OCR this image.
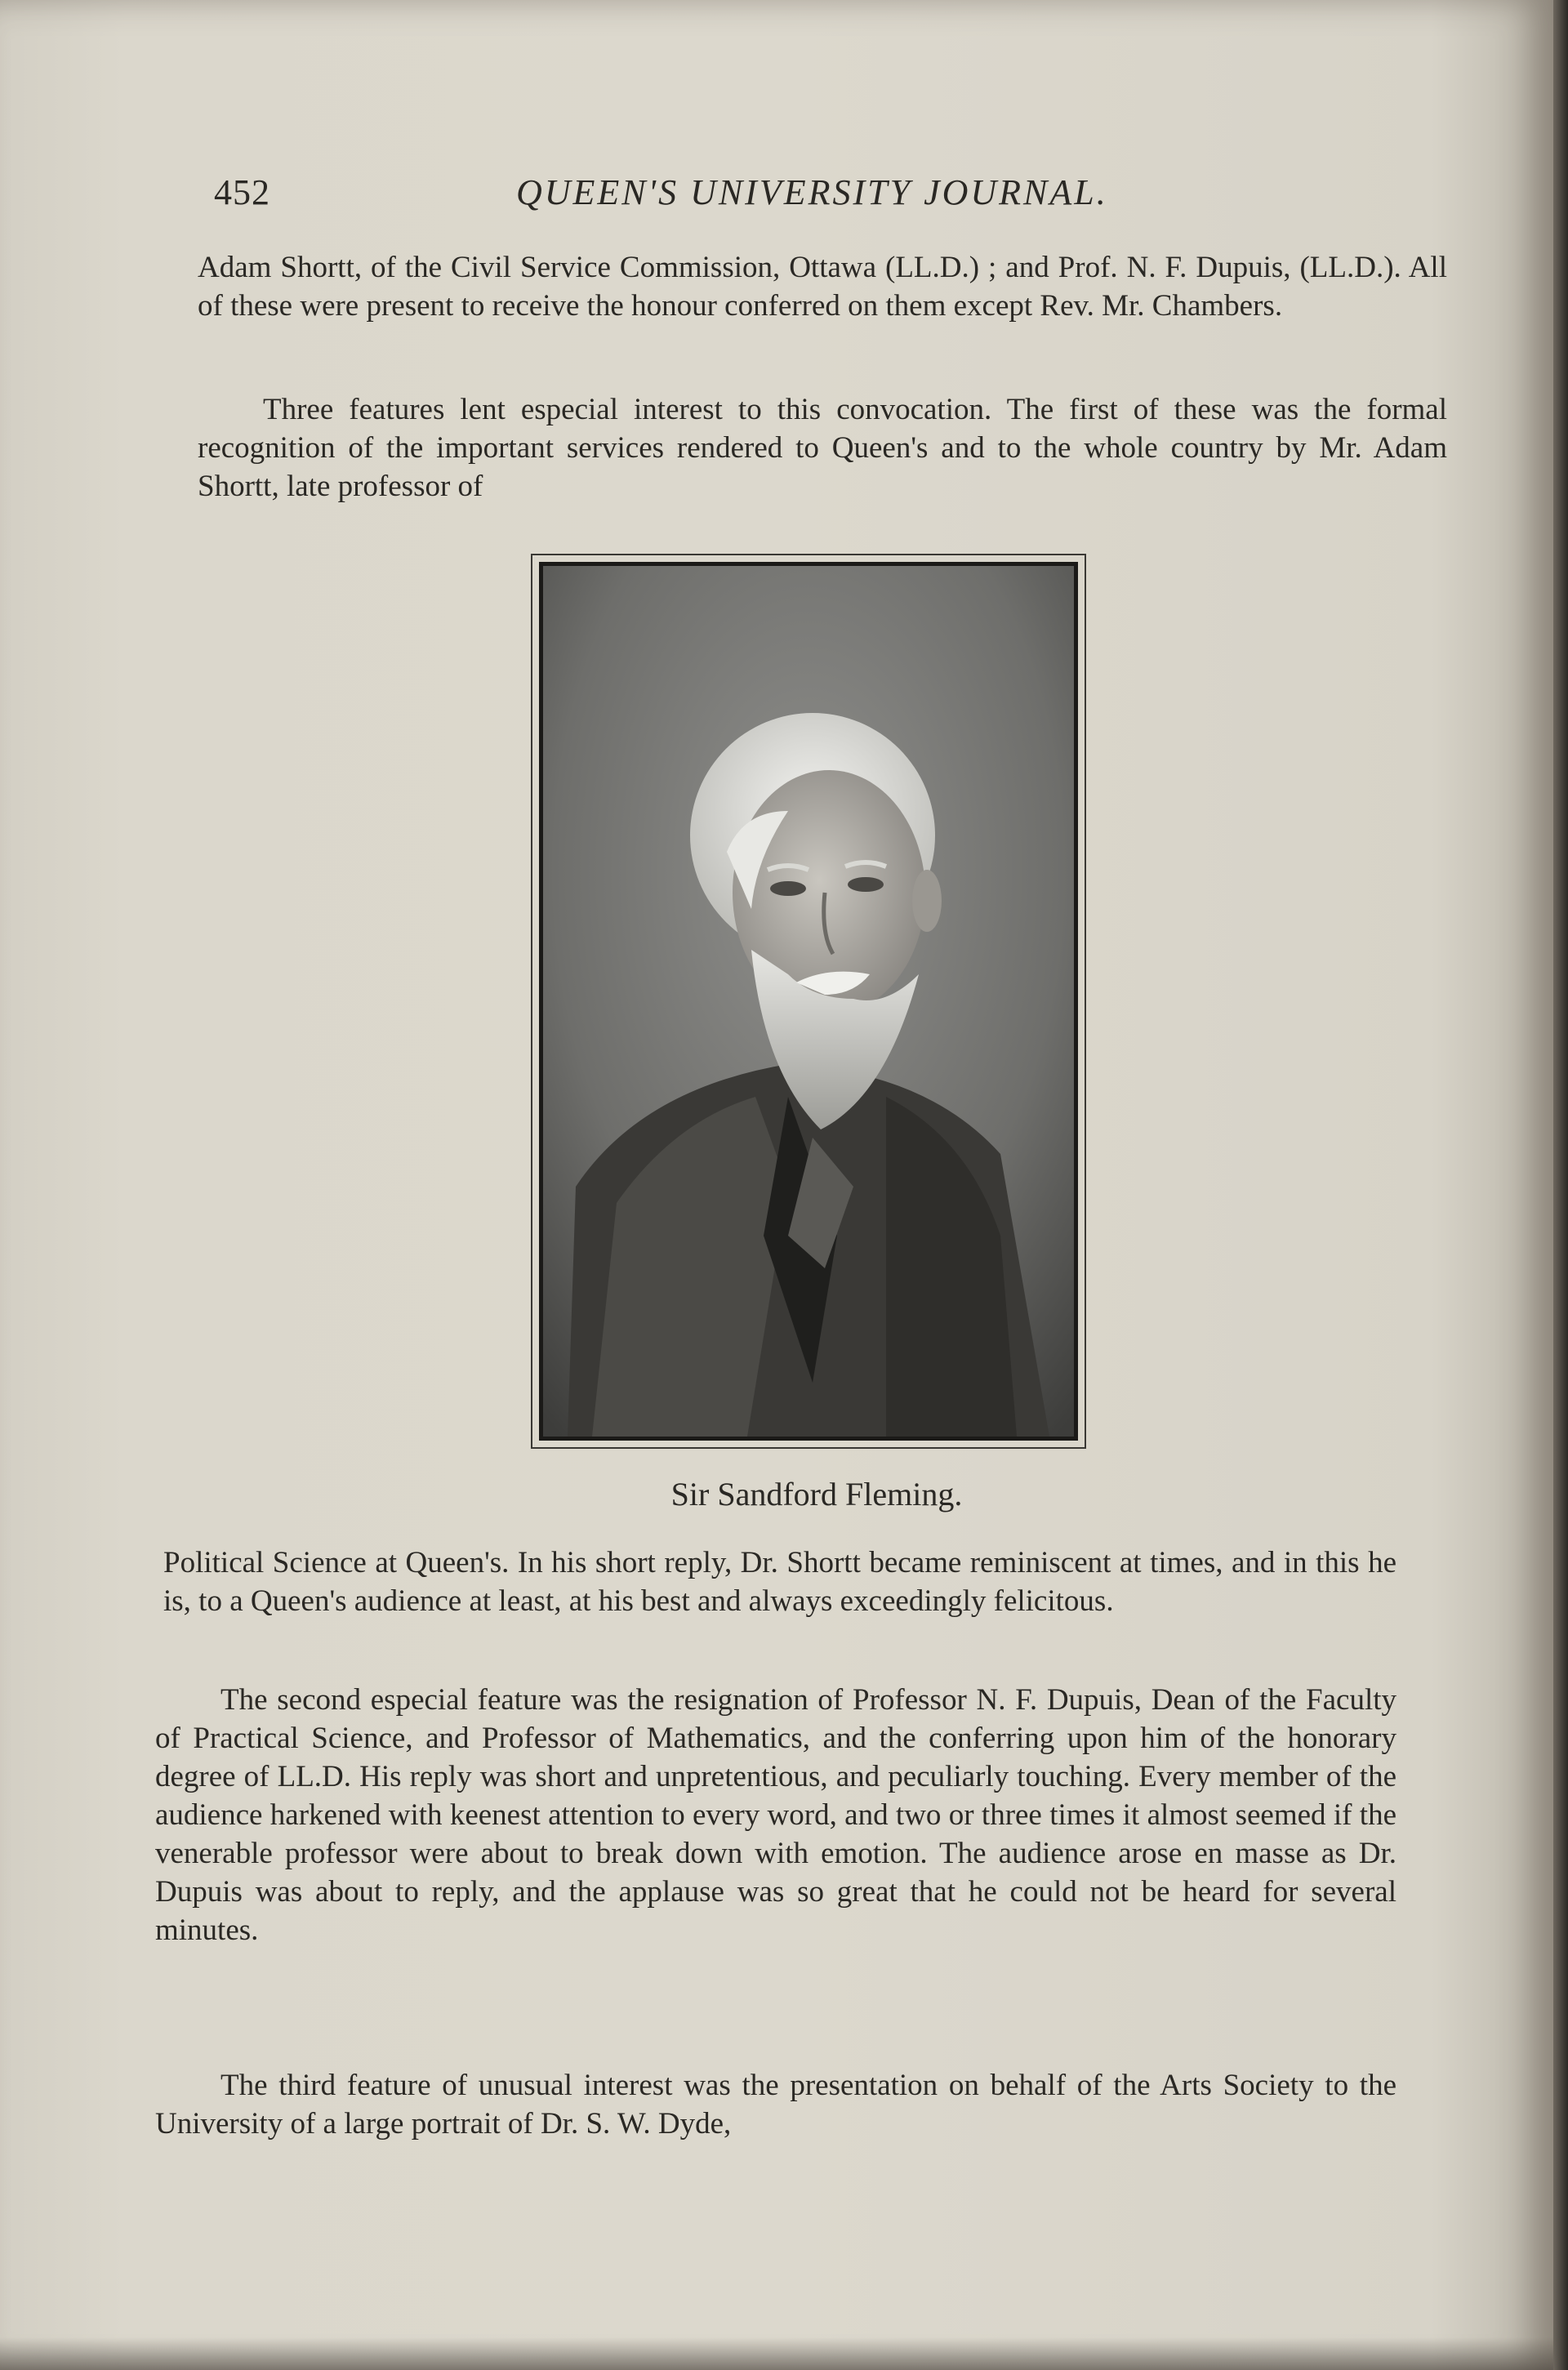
452	QUEEN'S UNIVERSITY JOURNAL.

Adam Shortt, of the Civil Service Commission, Ottawa (LL.D.) ; and Prof. N. F. Dupuis, (LL.D.). All of these were present to receive the honour conferred on them except Rev. Mr. Chambers.

Three features lent especial interest to this convocation. The first of these was the formal recognition of the important services rendered to Queen's and to the whole country by Mr. Adam Shortt, late professor of

Sir Sandford Fleming.

Political Science at Queen's. In his short reply, Dr. Shortt became reminiscent at times, and in this he is, to a Queen's audience at least, at his best and always exceedingly felicitous.

The second especial feature was the resignation of Professor N. F. Dupuis, Dean of the Faculty of Practical Science, and Professor of Mathematics, and the conferring upon him of the honorary degree of LL.D. His reply was short and unpretentious, and peculiarly touching. Every member of the audience harkened with keenest attention to every word, and two or three times it almost seemed if the venerable professor were about to break down with emotion. The audience arose en masse as Dr. Dupuis was about to reply, and the applause was so great that he could not be heard for several minutes.

The third feature of unusual interest was the presentation on behalf of the Arts Society to the University of a large portrait of Dr. S. W. Dyde,
